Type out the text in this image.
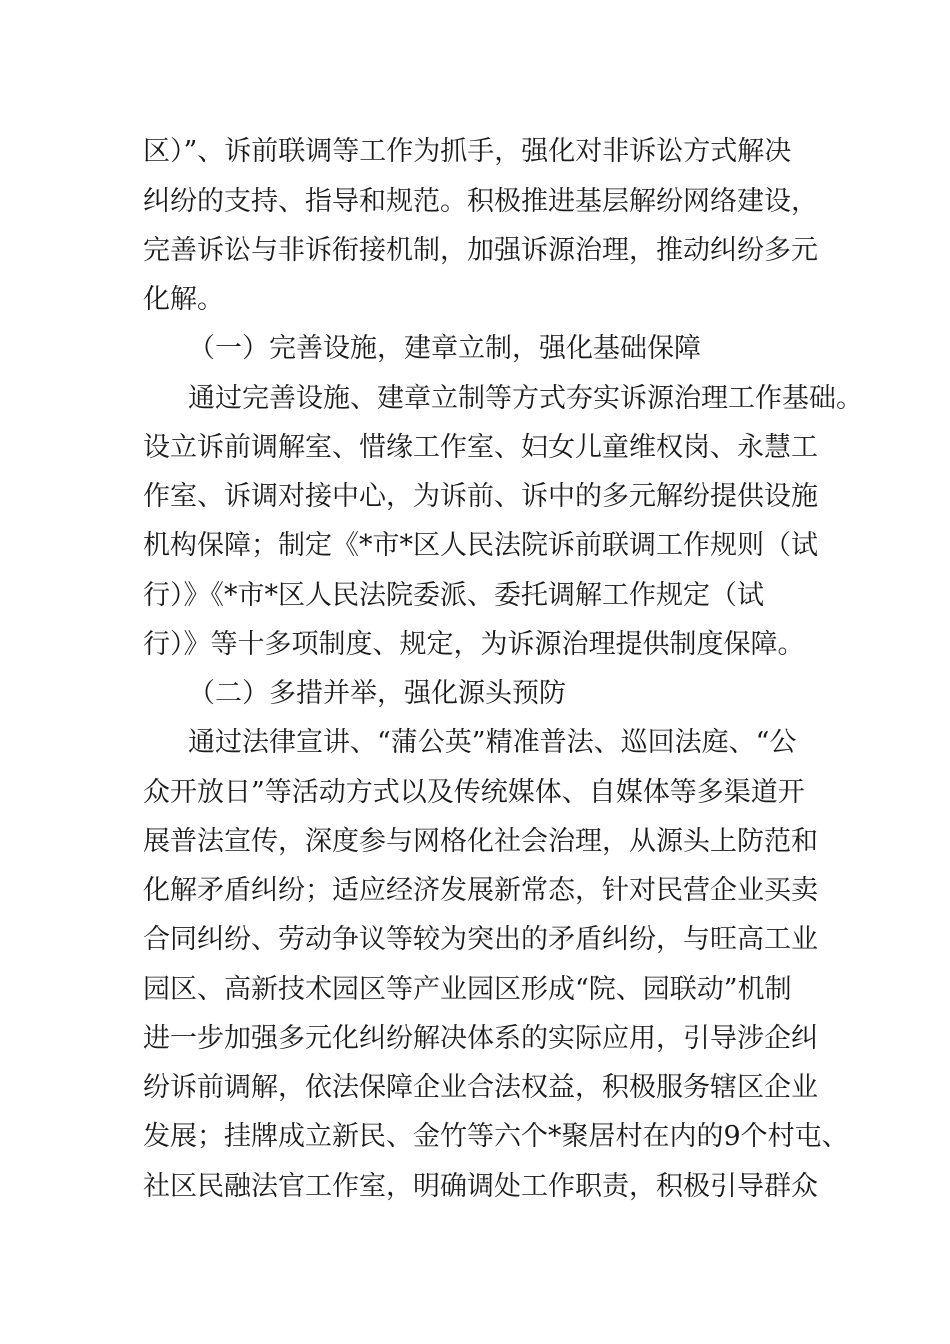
区）”、诉前联调等工作为抓手，强化对非诉讼方式解决
纠纷的支持、指导和规范。积极推进基层解纷网络建设，
完善诉讼与非诉衔接机制，加强诉源治理，推动纠纷多元
化解。
（一）完善设施，建章立制，强化基础保障
通过完善设施、建章立制等方式夯实诉源治理工作基础。
设立诉前调解室、惜缘工作室、妇女儿童维权岗、永慧工
作室、诉调对接中心，为诉前、诉中的多元解纷提供设施
机构保障；制定《*市*区人民法院诉前联调工作规则（试
行）》《*市*区人民法院委派、委托调解工作规定（试
行）》等十多项制度、规定，为诉源治理提供制度保障。
（二）多措并举，强化源头预防
通过法律宣讲、“蒲公英”精准普法、巡回法庭、“公
众开放日”等活动方式以及传统媒体、自媒体等多渠道开
展普法宣传，深度参与网格化社会治理，从源头上防范和
化解矛盾纠纷；适应经济发展新常态，针对民营企业买卖
合同纠纷、劳动争议等较为突出的矛盾纠纷，与旺高工业
园区、高新技术园区等产业园区形成“院、园联动”机制
进一步加强多元化纠纷解决体系的实际应用，引导涉企纠
纷诉前调解，依法保障企业合法权益，积极服务辖区企业
发展；挂牌成立新民、金竹等六个*聚居村在内的9个村屯、
社区民融法官工作室，明确调处工作职责，积极引导群众
